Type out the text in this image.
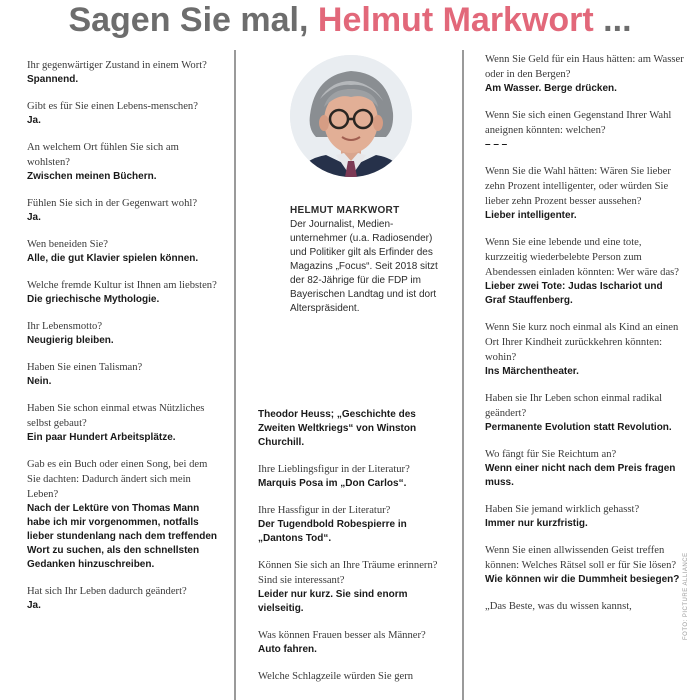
Sagen Sie mal, Helmut Markwort ...
Ihr gegenwärtiger Zustand in einem Wort?
Spannend.
Gibt es für Sie einen Lebens-menschen?
Ja.
An welchem Ort fühlen Sie sich am wohlsten?
Zwischen meinen Büchern.
Fühlen Sie sich in der Gegenwart wohl?
Ja.
Wen beneiden Sie?
Alle, die gut Klavier spielen können.
Welche fremde Kultur ist Ihnen am liebsten?
Die griechische Mythologie.
Ihr Lebensmotto?
Neugierig bleiben.
Haben Sie einen Talisman?
Nein.
Haben Sie schon einmal etwas Nützliches selbst gebaut?
Ein paar Hundert Arbeitsplätze.
Gab es ein Buch oder einen Song, bei dem Sie dachten: Dadurch ändert sich mein Leben?
Nach der Lektüre von Thomas Mann habe ich mir vorgenommen, notfalls lieber stundenlang nach dem treffenden Wort zu suchen, als den schnellsten Gedanken hinzuschreiben.
Hat sich Ihr Leben dadurch geändert?
Ja.
HELMUT MARKWORT
Der Journalist, Medien-unternehmer (u.a. Radiosender) und Politiker gilt als Erfinder des Magazins „Focus“. Seit 2018 sitzt der 82-Jährige für die FDP im Bayerischen Landtag und ist dort Alterspräsident.
Theodor Heuss; „Geschichte des Zweiten Weltkriegs“ von Winston Churchill.
Ihre Lieblingsfigur in der Literatur?
Marquis Posa im „Don Carlos“.
Ihre Hassfigur in der Literatur?
Der Tugendbold Robespierre in „Dantons Tod“.
Können Sie sich an Ihre Träume erinnern? Sind sie interessant?
Leider nur kurz. Sie sind enorm vielseitig.
Was können Frauen besser als Männer?
Auto fahren.
Welche Schlagzeile würden Sie gern
Wenn Sie Geld für ein Haus hätten: am Wasser oder in den Bergen?
Am Wasser. Berge drücken.
Wenn Sie sich einen Gegenstand Ihrer Wahl aneignen könnten: welchen?
– – –
Wenn Sie die Wahl hätten: Wären Sie lieber zehn Prozent intelligenter, oder würden Sie lieber zehn Prozent besser aussehen?
Lieber intelligenter.
Wenn Sie eine lebende und eine tote, kurzzeitig wiederbelebte Person zum Abendessen einladen könnten: Wer wäre das?
Lieber zwei Tote: Judas Ischariot und Graf Stauffenberg.
Wenn Sie kurz noch einmal als Kind an einen Ort Ihrer Kindheit zurückkehren könnten: wohin?
Ins Märchentheater.
Haben sie Ihr Leben schon einmal radikal geändert?
Permanente Evolution statt Revolution.
Wo fängt für Sie Reichtum an?
Wenn einer nicht nach dem Preis fragen muss.
Haben Sie jemand wirklich gehasst?
Immer nur kurzfristig.
Wenn Sie einen allwissenden Geist treffen können: Welches Rätsel soll er für Sie lösen?
Wie können wir die Dummheit besiegen?
„Das Beste, was du wissen kannst,	FOTO: PICTURE ALLIANCE
